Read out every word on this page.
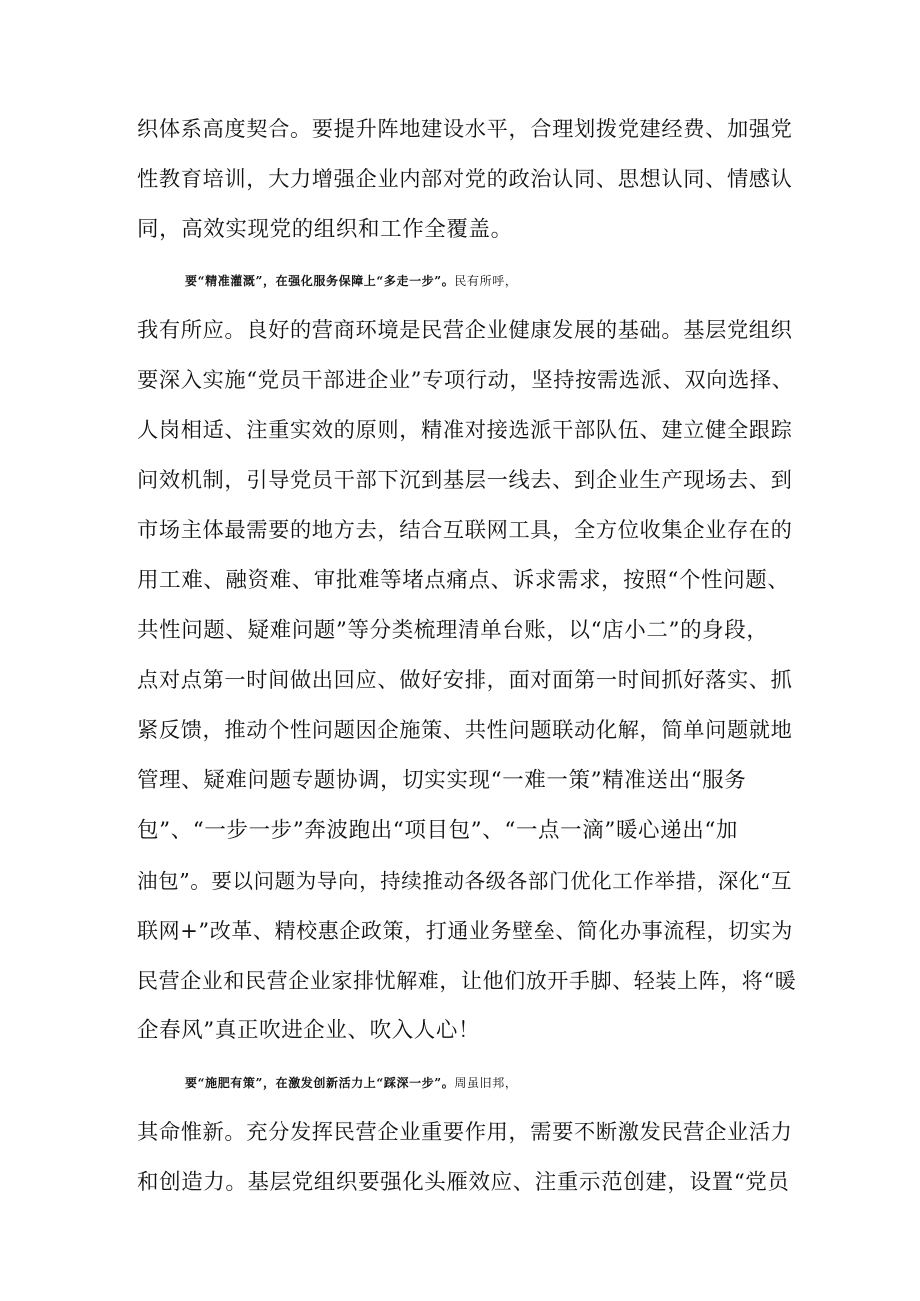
织体系高度契合。要提升阵地建设水平，合理划拨党建经费、加强党
性教育培训，大力增强企业内部对党的政治认同、思想认同、情感认
同，高效实现党的组织和工作全覆盖。
要“精准灌溉”，在强化服务保障上“多走一步”。民有所呼，
我有所应。良好的营商环境是民营企业健康发展的基础。基层党组织
要深入实施“党员干部进企业”专项行动，坚持按需选派、双向选择、
人岗相适、注重实效的原则，精准对接选派干部队伍、建立健全跟踪
问效机制，引导党员干部下沉到基层一线去、到企业生产现场去、到
市场主体最需要的地方去，结合互联网工具，全方位收集企业存在的
用工难、融资难、审批难等堵点痛点、诉求需求，按照“个性问题、
共性问题、疑难问题”等分类梳理清单台账，以“店小二”的身段，
点对点第一时间做出回应、做好安排，面对面第一时间抓好落实、抓
紧反馈，推动个性问题因企施策、共性问题联动化解，简单问题就地
管理、疑难问题专题协调，切实实现“一难一策”精准送出“服务
包”、“一步一步”奔波跑出“项目包”、“一点一滴”暖心递出“加
油包”。要以问题为导向，持续推动各级各部门优化工作举措，深化“互
联网+”改革、精校惠企政策，打通业务壁垒、简化办事流程，切实为
民营企业和民营企业家排忧解难，让他们放开手脚、轻装上阵，将“暖
企春风”真正吹进企业、吹入人心！
要“施肥有策”，在激发创新活力上“踩深一步”。周虽旧邦，
其命惟新。充分发挥民营企业重要作用，需要不断激发民营企业活力
和创造力。基层党组织要强化头雁效应、注重示范创建，设置“党员
